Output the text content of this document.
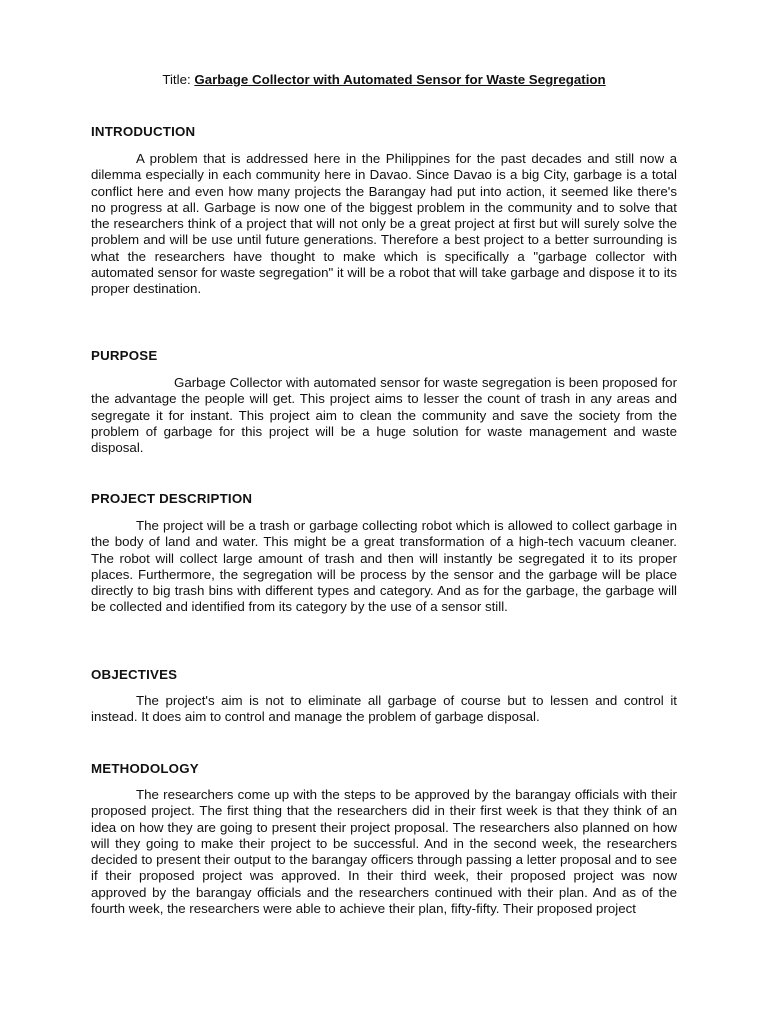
Title: Garbage Collector with Automated Sensor for Waste Segregation
INTRODUCTION
A problem that is addressed here in the Philippines for the past decades and still now a dilemma especially in each community here in Davao. Since Davao is a big City, garbage is a total conflict here and even how many projects the Barangay had put into action, it seemed like there's no progress at all. Garbage is now one of the biggest problem in the community and to solve that the researchers think of a project that will not only be a great project at first but will surely solve the problem and will be use until future generations. Therefore a best project to a better surrounding is what the researchers have thought to make which is specifically a "garbage collector with automated sensor for waste segregation" it will be a robot that will take garbage and dispose it to its proper destination.
PURPOSE
Garbage Collector with automated sensor for waste segregation is been proposed for the advantage the people will get. This project aims to lesser the count of trash in any areas and segregate it for instant. This project aim to clean the community and save the society from the problem of garbage for this project will be a huge solution for waste management and waste disposal.
PROJECT DESCRIPTION
The project will be a trash or garbage collecting robot which is allowed to collect garbage in the body of land and water. This might be a great transformation of a high-tech vacuum cleaner. The robot will collect large amount of trash and then will instantly be segregated it to its proper places. Furthermore, the segregation will be process by the sensor and the garbage will be place directly to big trash bins with different types and category. And as for the garbage, the garbage will be collected and identified from its category by the use of a sensor still.
OBJECTIVES
The project's aim is not to eliminate all garbage of course but to lessen and control it instead. It does aim to control and manage the problem of garbage disposal.
METHODOLOGY
The researchers come up with the steps to be approved by the barangay officials with their proposed project. The first thing that the researchers did in their first week is that they think of an idea on how they are going to present their project proposal. The researchers also planned on how will they going to make their project to be successful. And in the second week, the researchers decided to present their output to the barangay officers through passing a letter proposal and to see if their proposed project was approved. In their third week, their proposed project was now approved by the barangay officials and the researchers continued with their plan. And as of the fourth week, the researchers were able to achieve their plan, fifty-fifty. Their proposed project
